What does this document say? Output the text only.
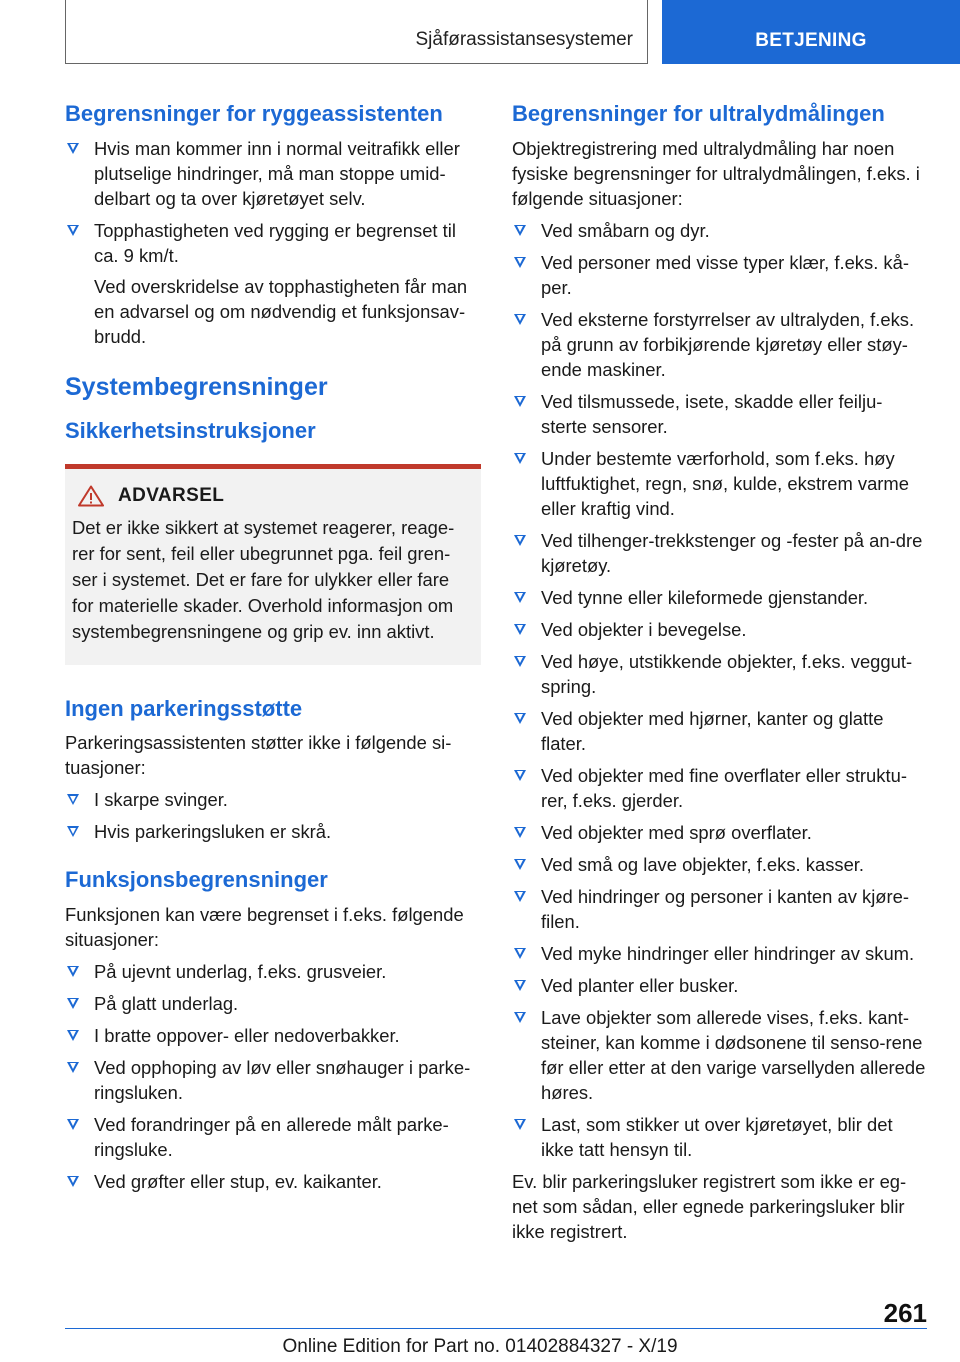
Sjåførassistansesystemer	BETJENING
Begrensninger for ryggeassistenten
Hvis man kommer inn i normal veitrafikk eller plutselige hindringer, må man stoppe umid-delbart og ta over kjøretøyet selv.
Topphastigheten ved rygging er begrenset til ca. 9 km/t.

Ved overskridelse av topphastigheten får man en advarsel og om nødvendig et funksjonsav-brudd.

Systembegrensninger
Sikkerhetsinstruksjoner
ADVARSEL

Det er ikke sikkert at systemet reagerer, reage-rer for sent, feil eller ubegrunnet pga. feil gren-ser i systemet. Det er fare for ulykker eller fare for materielle skader. Overhold informasjon om systembegrensningene og grip ev. inn aktivt.

Ingen parkeringsstøtte

Parkeringsassistenten støtter ikke i følgende si-tuasjoner:

I skarpe svinger.
Hvis parkeringsluken er skrå.
Funksjonsbegrensninger

Funksjonen kan være begrenset i f.eks. følgende situasjoner:

På ujevnt underlag, f.eks. grusveier.
På glatt underlag.
I bratte oppover- eller nedoverbakker.
Ved opphoping av løv eller snøhauger i parke-ringsluken.
Ved forandringer på en allerede målt parke-ringsluke.
Ved grøfter eller stup, ev. kaikanter.
Begrensninger for ultralydmålingen

Objektregistrering med ultralydmåling har noen fysiske begrensninger for ultralydmålingen, f.eks. i følgende situasjoner:

Ved småbarn og dyr.
Ved personer med visse typer klær, f.eks. kå-per.
Ved eksterne forstyrrelser av ultralyden, f.eks. på grunn av forbikjørende kjøretøy eller støy-ende maskiner.
Ved tilsmussede, isete, skadde eller feilju-sterte sensorer.
Under bestemte værforhold, som f.eks. høy luftfuktighet, regn, snø, kulde, ekstrem varme eller kraftig vind.
Ved tilhenger-trekkstenger og -fester på an-dre kjøretøy.
Ved tynne eller kileformede gjenstander.
Ved objekter i bevegelse.
Ved høye, utstikkende objekter, f.eks. veggut-spring.
Ved objekter med hjørner, kanter og glatte flater.
Ved objekter med fine overflater eller struktu-rer, f.eks. gjerder.
Ved objekter med sprø overflater.
Ved små og lave objekter, f.eks. kasser.
Ved hindringer og personer i kanten av kjøre-filen.
Ved myke hindringer eller hindringer av skum.
Ved planter eller busker.
Lave objekter som allerede vises, f.eks. kant-steiner, kan komme i dødsonene til senso-rene før eller etter at den varige varsellyden allerede høres.
Last, som stikker ut over kjøretøyet, blir det ikke tatt hensyn til.

Ev. blir parkeringsluker registrert som ikke er eg-net som sådan, eller egnede parkeringsluker blir ikke registrert.

261
Online Edition for Part no. 01402884327 - X/19
